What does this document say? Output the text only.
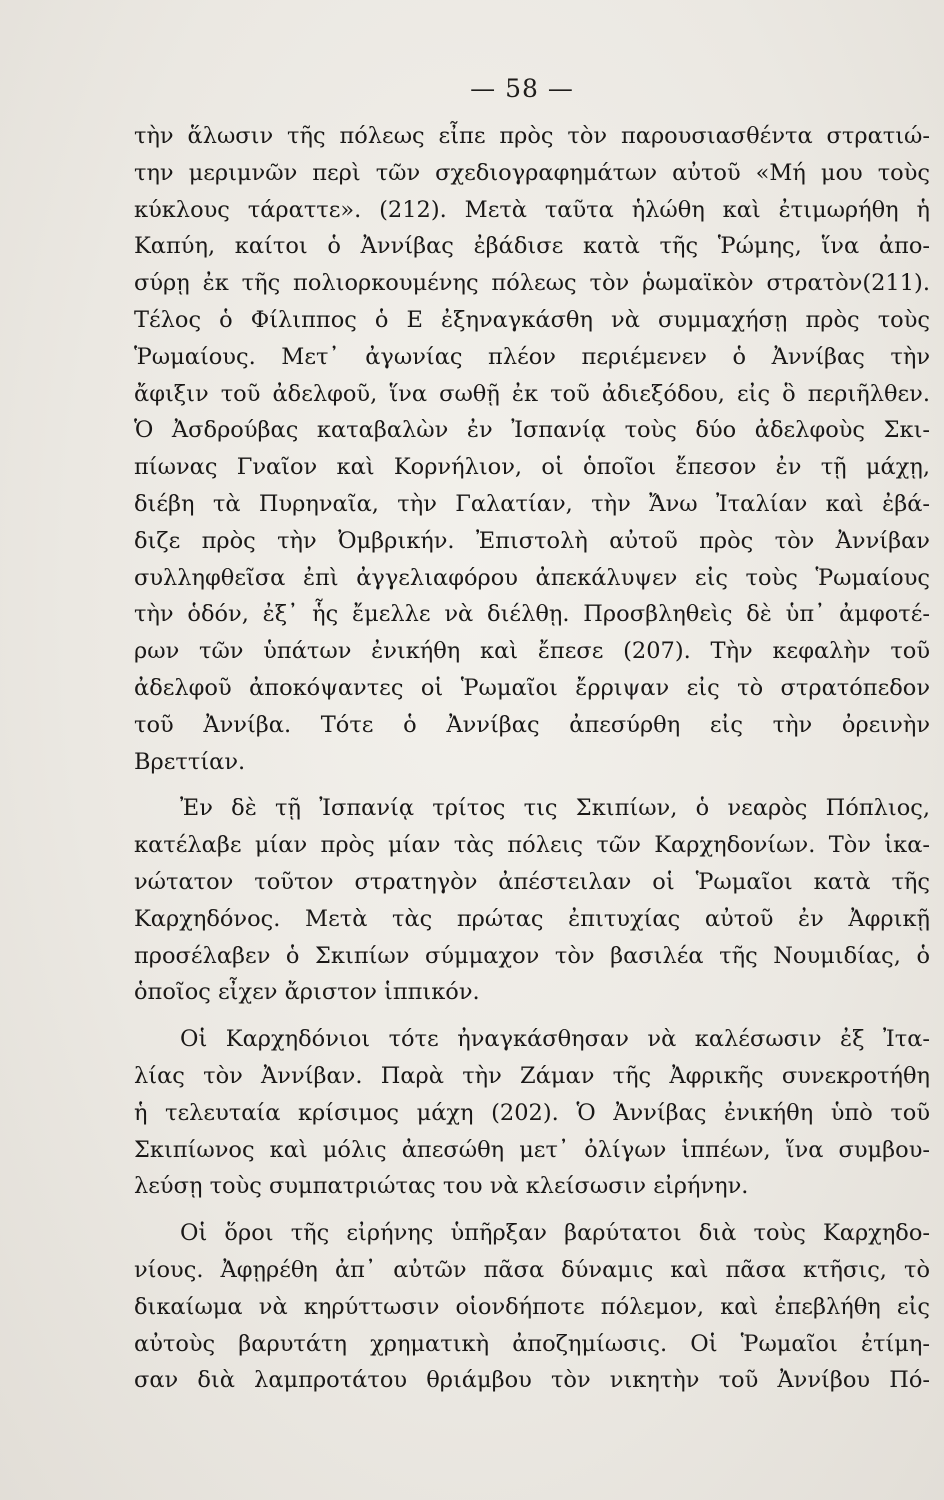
— 58 —
τὴν ἅλωσιν τῆς πόλεως εἶπε πρὸς τὸν παρουσιασθέντα στρατιώ-
την μεριμνῶν περὶ τῶν σχεδιογραφημάτων αὐτοῦ «Μή μου τοὺς
κύκλους τάραττε». (212). Μετὰ ταῦτα ἡλώθη καὶ ἐτιμωρήθη ἡ
Καπύη, καίτοι ὁ Ἀννίβας ἐβάδισε κατὰ τῆς Ῥώμης, ἵνα ἀπο-
σύρῃ ἐκ τῆς πολιορκουμένης πόλεως τὸν ῥωμαϊκὸν στρατὸν(211).
Τέλος ὁ Φίλιππος ὁ Ε ἐξηναγκάσθη νὰ συμμαχήσῃ πρὸς τοὺς
Ῥωμαίους. Μετ᾽ ἀγωνίας πλέον περιέμενεν ὁ Ἀννίβας τὴν
ἄφιξιν τοῦ ἀδελφοῦ, ἵνα σωθῇ ἐκ τοῦ ἀδιεξόδου, εἰς ὃ περιῆλθεν.
Ὁ Ἀσδρούβας καταβαλὼν ἐν Ἰσπανίᾳ τοὺς δύο ἀδελφοὺς Σκι-
πίωνας Γναῖον καὶ Κορνήλιον, οἱ ὁποῖοι ἔπεσον ἐν τῇ μάχῃ,
διέβη τὰ Πυρηναῖα, τὴν Γαλατίαν, τὴν Ἄνω Ἰταλίαν καὶ ἐβά-
διζε πρὸς τὴν Ὀμβρικήν. Ἐπιστολὴ αὐτοῦ πρὸς τὸν Ἀννίβαν
συλληφθεῖσα ἐπὶ ἀγγελιαφόρου ἀπεκάλυψεν εἰς τοὺς Ῥωμαίους
τὴν ὁδόν, ἐξ᾽ ἧς ἔμελλε νὰ διέλθῃ. Προσβληθεὶς δὲ ὑπ᾽ ἀμφοτέ-
ρων τῶν ὑπάτων ἐνικήθη καὶ ἔπεσε (207). Τὴν κεφαλὴν τοῦ
ἀδελφοῦ ἀποκόψαντες οἱ Ῥωμαῖοι ἔρριψαν εἰς τὸ στρατόπεδον
τοῦ Ἀννίβα. Τότε ὁ Ἀννίβας ἀπεσύρθη εἰς τὴν ὀρεινὴν
Βρεττίαν.
Ἐν δὲ τῇ Ἰσπανίᾳ τρίτος τις Σκιπίων, ὁ νεαρὸς Πόπλιος,
κατέλαβε μίαν πρὸς μίαν τὰς πόλεις τῶν Καρχηδονίων. Τὸν ἱκα-
νώτατον τοῦτον στρατηγὸν ἀπέστειλαν οἱ Ῥωμαῖοι κατὰ τῆς
Καρχηδόνος. Μετὰ τὰς πρώτας ἐπιτυχίας αὐτοῦ ἐν Ἀφρικῇ
προσέλαβεν ὁ Σκιπίων σύμμαχον τὸν βασιλέα τῆς Νουμιδίας, ὁ
ὁποῖος εἶχεν ἄριστον ἱππικόν.
Οἱ Καρχηδόνιοι τότε ἠναγκάσθησαν νὰ καλέσωσιν ἐξ Ἰτα-
λίας τὸν Ἀννίβαν. Παρὰ τὴν Ζάμαν τῆς Ἀφρικῆς συνεκροτήθη
ἡ τελευταία κρίσιμος μάχη (202). Ὁ Ἀννίβας ἐνικήθη ὑπὸ τοῦ
Σκιπίωνος καὶ μόλις ἀπεσώθη μετ᾽ ὀλίγων ἱππέων, ἵνα συμβου-
λεύσῃ τοὺς συμπατριώτας του νὰ κλείσωσιν εἰρήνην.
Οἱ ὅροι τῆς εἰρήνης ὑπῆρξαν βαρύτατοι διὰ τοὺς Καρχηδο-
νίους. Ἀφῃρέθη ἀπ᾽ αὐτῶν πᾶσα δύναμις καὶ πᾶσα κτῆσις, τὸ
δικαίωμα νὰ κηρύττωσιν οἱονδήποτε πόλεμον, καὶ ἐπεβλήθη εἰς
αὐτοὺς βαρυτάτη χρηματικὴ ἀποζημίωσις. Οἱ Ῥωμαῖοι ἐτίμη-
σαν διὰ λαμπροτάτου θριάμβου τὸν νικητὴν τοῦ Ἀννίβου Πό-
